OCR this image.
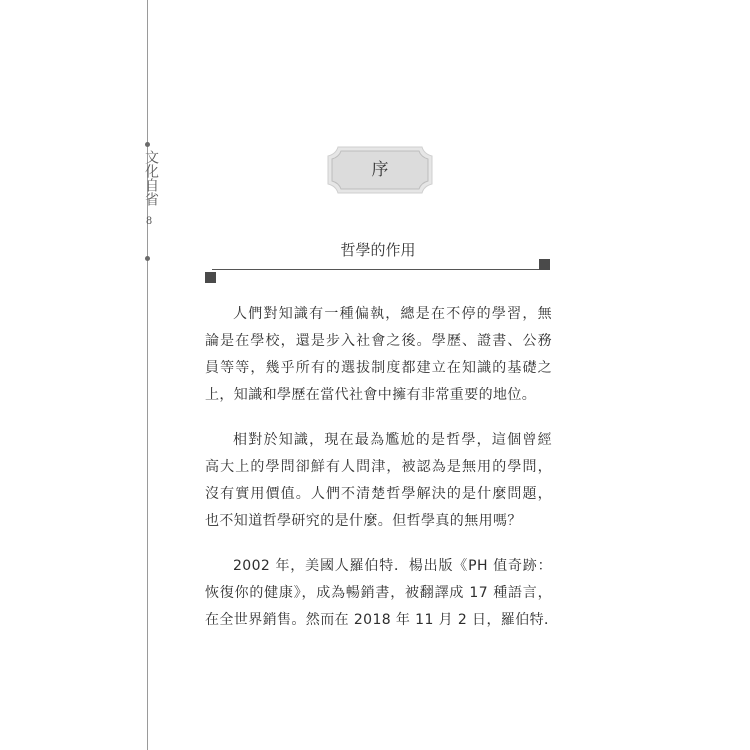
文化自省
8
序
哲學的作用

人們對知識有一種偏執，總是在不停的學習，無
論是在學校，還是步入社會之後。學歷、證書、公務
員等等，幾乎所有的選拔制度都建立在知識的基礎之
上，知識和學歷在當代社會中擁有非常重要的地位。

相對於知識，現在最為尷尬的是哲學，這個曾經
高大上的學問卻鮮有人問津，被認為是無用的學問，
沒有實用價值。人們不清楚哲學解決的是什麼問題，
也不知道哲學研究的是什麼。但哲學真的無用嗎？

2002 年，美國人羅伯特．楊出版《PH 值奇跡：
恢復你的健康》，成為暢銷書，被翻譯成 17 種語言，
在全世界銷售。然而在 2018 年 11 月 2 日，羅伯特．
